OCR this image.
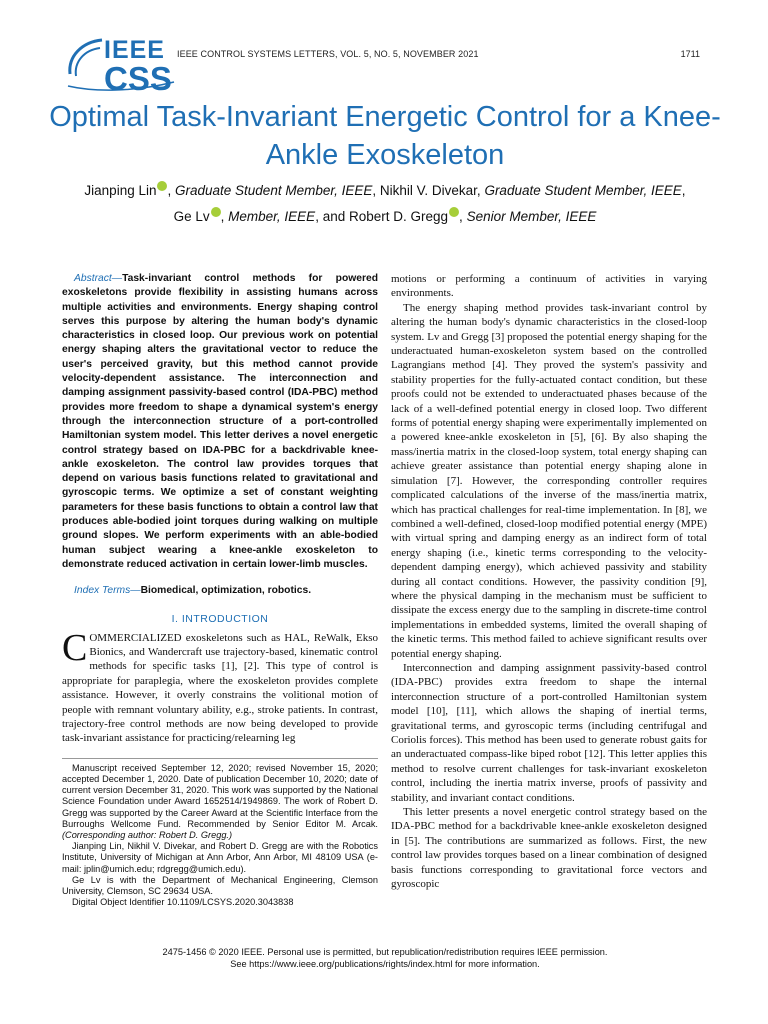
IEEE
CSS
IEEE CONTROL SYSTEMS LETTERS, VOL. 5, NO. 5, NOVEMBER 2021	1711
Optimal Task-Invariant Energetic Control for a Knee-Ankle Exoskeleton
Jianping Lin , Graduate Student Member, IEEE, Nikhil V. Divekar, Graduate Student Member, IEEE,
Ge Lv , Member, IEEE, and Robert D. Gregg , Senior Member, IEEE

Abstract—Task-invariant control methods for powered exoskeletons provide flexibility in assisting humans across multiple activities and environments. Energy shaping control serves this purpose by altering the human body's dynamic characteristics in closed loop. Our previous work on potential energy shaping alters the gravitational vector to reduce the user's perceived gravity, but this method cannot provide velocity-dependent assistance. The interconnection and damping assignment passivity-based control (IDA-PBC) method provides more freedom to shape a dynamical system's energy through the interconnection structure of a port-controlled Hamiltonian system model. This letter derives a novel energetic control strategy based on IDA-PBC for a backdrivable knee-ankle exoskeleton. The control law provides torques that depend on various basis functions related to gravitational and gyroscopic terms. We optimize a set of constant weighting parameters for these basis functions to obtain a control law that produces able-bodied joint torques during walking on multiple ground slopes. We perform experiments with an able-bodied human subject wearing a knee-ankle exoskeleton to demonstrate reduced activation in certain lower-limb muscles.

Index Terms—Biomedical, optimization, robotics.

I. INTRODUCTION

COMMERCIALIZED exoskeletons such as HAL, ReWalk, Ekso Bionics, and Wandercraft use trajectory-based, kinematic control methods for specific tasks [1], [2]. This type of control is appropriate for paraplegia, where the exoskeleton provides complete assistance. However, it overly constrains the volitional motion of people with remnant voluntary ability, e.g., stroke patients. In contrast, trajectory-free control methods are now being developed to provide task-invariant assistance for practicing/relearning leg

Manuscript received September 12, 2020; revised November 15, 2020; accepted December 1, 2020. Date of publication December 10, 2020; date of current version December 31, 2020. This work was supported by the National Science Foundation under Award 1652514/1949869. The work of Robert D. Gregg was supported by the Career Award at the Scientific Interface from the Burroughs Wellcome Fund. Recommended by Senior Editor M. Arcak. (Corresponding author: Robert D. Gregg.)

Jianping Lin, Nikhil V. Divekar, and Robert D. Gregg are with the Robotics Institute, University of Michigan at Ann Arbor, Ann Arbor, MI 48109 USA (e-mail: jplin@umich.edu; rdgregg@umich.edu).

Ge Lv is with the Department of Mechanical Engineering, Clemson University, Clemson, SC 29634 USA.

Digital Object Identifier 10.1109/LCSYS.2020.3043838

motions or performing a continuum of activities in varying environments.

The energy shaping method provides task-invariant control by altering the human body's dynamic characteristics in the closed-loop system. Lv and Gregg [3] proposed the potential energy shaping for the underactuated human-exoskeleton system based on the controlled Lagrangians method [4]. They proved the system's passivity and stability properties for the fully-actuated contact condition, but these proofs could not be extended to underactuated phases because of the lack of a well-defined potential energy in closed loop. Two different forms of potential energy shaping were experimentally implemented on a powered knee-ankle exoskeleton in [5], [6]. By also shaping the mass/inertia matrix in the closed-loop system, total energy shaping can achieve greater assistance than potential energy shaping alone in simulation [7]. However, the corresponding controller requires complicated calculations of the inverse of the mass/inertia matrix, which has practical challenges for real-time implementation. In [8], we combined a well-defined, closed-loop modified potential energy (MPE) with virtual spring and damping energy as an indirect form of total energy shaping (i.e., kinetic terms corresponding to the velocity-dependent damping energy), which achieved passivity and stability during all contact conditions. However, the passivity condition [9], where the physical damping in the mechanism must be sufficient to dissipate the excess energy due to the sampling in discrete-time control implementations in embedded systems, limited the overall shaping of the kinetic terms. This method failed to achieve significant results over potential energy shaping.

Interconnection and damping assignment passivity-based control (IDA-PBC) provides extra freedom to shape the internal interconnection structure of a port-controlled Hamiltonian system model [10], [11], which allows the shaping of inertial terms, gravitational terms, and gyroscopic terms (including centrifugal and Coriolis forces). This method has been used to generate robust gaits for an underactuated compass-like biped robot [12]. This letter applies this method to resolve current challenges for task-invariant exoskeleton control, including the inertia matrix inverse, proofs of passivity and stability, and invariant contact conditions.

This letter presents a novel energetic control strategy based on the IDA-PBC method for a backdrivable knee-ankle exoskeleton designed in [5]. The contributions are summarized as follows. First, the new control law provides torques based on a linear combination of designed basis functions corresponding to gravitational force vectors and gyroscopic

2475-1456 © 2020 IEEE. Personal use is permitted, but republication/redistribution requires IEEE permission.
See https://www.ieee.org/publications/rights/index.html for more information.
